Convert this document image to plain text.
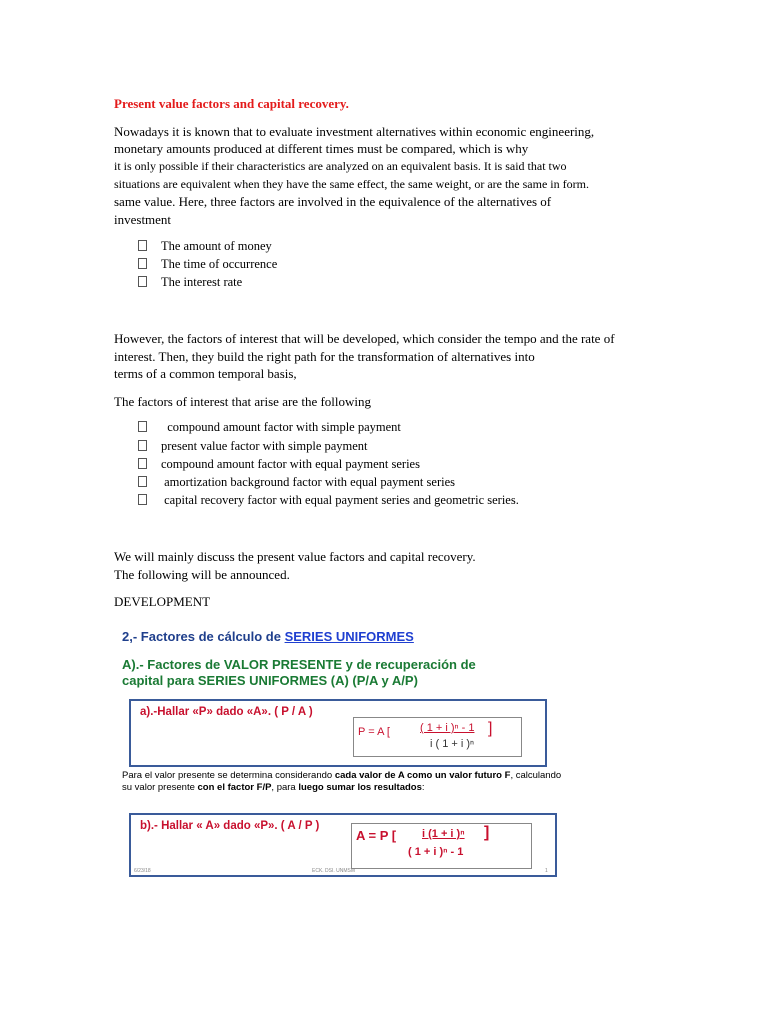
Present value factors and capital recovery.
Nowadays it is known that to evaluate investment alternatives within economic engineering,
monetary amounts produced at different times must be compared, which is why
it is only possible if their characteristics are analyzed on an equivalent basis. It is said that two
situations are equivalent when they have the same effect, the same weight, or are the same in form.
same value. Here, three factors are involved in the equivalence of the alternatives of
investment
The amount of money
The time of occurrence
The interest rate
However, the factors of interest that will be developed, which consider the tempo and the rate of
interest. Then, they build the right path for the transformation of alternatives into
terms of a common temporal basis,
The factors of interest that arise are the following
compound amount factor with simple payment
present value factor with simple payment
compound amount factor with equal payment series
amortization background factor with equal payment series
capital recovery factor with equal payment series and geometric series.
We will mainly discuss the present value factors and capital recovery.
The following will be announced.
DEVELOPMENT
2,- Factores de cálculo de SERIES UNIFORMES
A).- Factores de VALOR PRESENTE y de recuperación de
capital para SERIES UNIFORMES (A) (P/A y A/P)
a).-Hallar «P» dado «A». ( P / A )
P = A [	( 1 + i )ⁿ - 1
i ( 1 + i )ⁿ
]
Para el valor presente se determina considerando cada valor de A como un valor futuro F, calculando su valor presente con el factor F/P, para luego sumar los resultados:
b).- Hallar « A» dado «P». ( A / P )
A = P [ i (1 + i )ⁿ
( 1 + i )ⁿ - 1
]
6/23/18	ECK. DSI. UNMSM	1
